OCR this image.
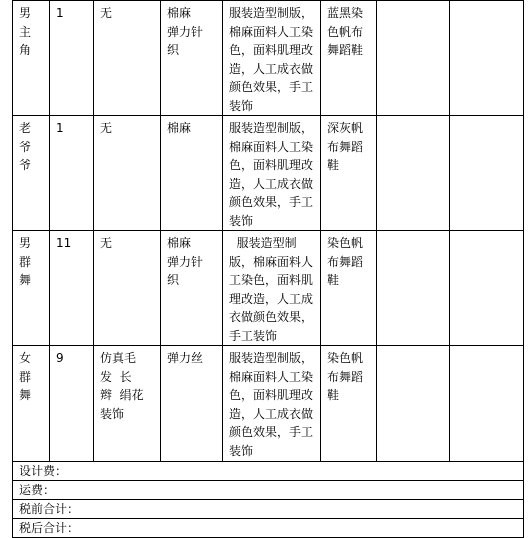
男
主
角	1	无	棉麻
弹力针
织	服装造型制版，棉麻面料人工染色，面料肌理改造，人工成衣做颜色效果，手工装饰	蓝黑染色帆布舞蹈鞋		
老
爷
爷	1	无	棉麻	服装造型制版，棉麻面料人工染色，面料肌理改造，人工成衣做颜色效果，手工装饰	深灰帆布舞蹈鞋		
男
群
舞	11	无	棉麻
弹力针
织	服装造型制版，棉麻面料人工染色，面料肌理改造，人工成衣做颜色效果，手工装饰	染色帆布舞蹈鞋		
女
群
舞	9	仿真毛
发  长
辫  绢花
装饰	弹力丝	服装造型制版，棉麻面料人工染色，面料肌理改造，人工成衣做颜色效果，手工装饰	染色帆布舞蹈鞋		
设计费：							
运费：							
税前合计：							
税后合计：							
